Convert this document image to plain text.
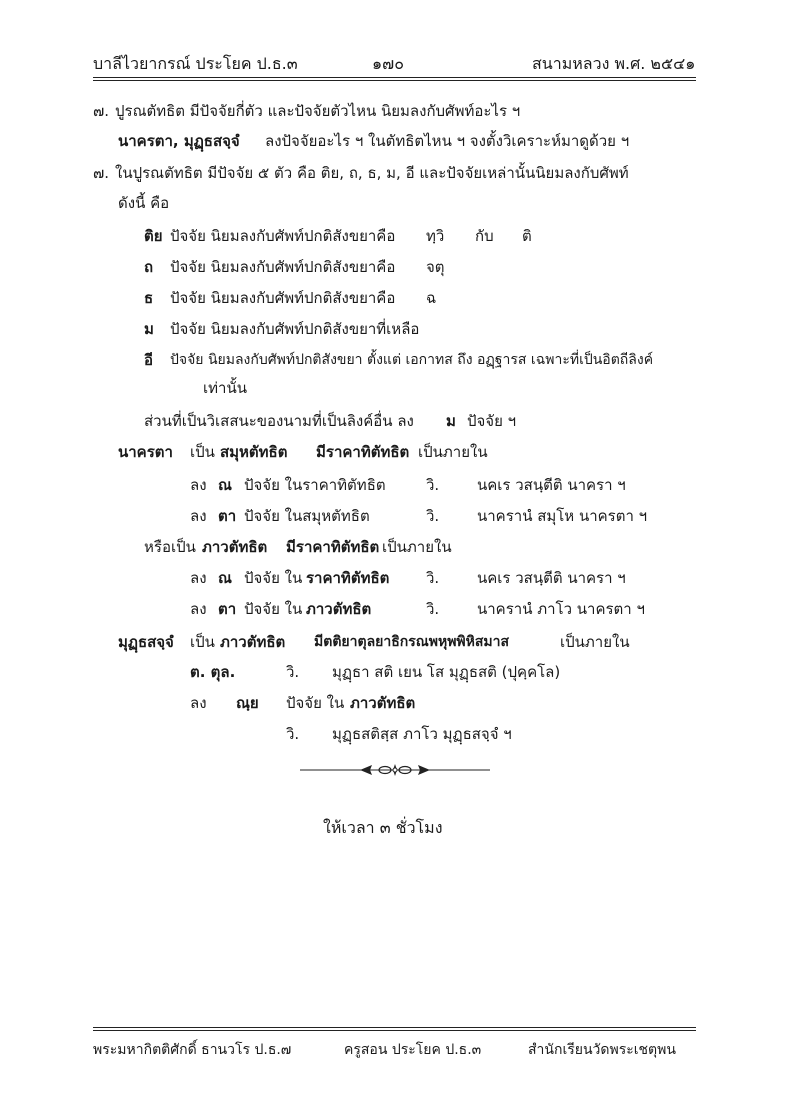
บาลีไวยากรณ์ ประโยค ป.ธ.๓	๑๗๐	สนามหลวง พ.ศ. ๒๕๔๑
๗. ปูรณตัทธิต มีปัจจัยกี่ตัว และปัจจัยตัวไหน นิยมลงกับศัพท์อะไร ฯ
นาครตา, มุฏฺธสจฺจํ ลงปัจจัยอะไร ฯ ในตัทธิตไหน ฯ จงตั้งวิเคราะห์มาดูด้วย ฯ
๗. ในปูรณตัทธิต มีปัจจัย ๕ ตัว คือ ติย, ถ, ธ, ม, อี และปัจจัยเหล่านั้นนิยมลงกับศัพท์
ดังนี้ คือ
ติย ปัจจัย นิยมลงกับศัพท์ปกติสังขยาคือ ทฺวิ กับ ติ
ถ ปัจจัย นิยมลงกับศัพท์ปกติสังขยาคือ จตุ
ธ ปัจจัย นิยมลงกับศัพท์ปกติสังขยาคือ ฉ
ม ปัจจัย นิยมลงกับศัพท์ปกติสังขยาที่เหลือ
อี ปัจจัย นิยมลงกับศัพท์ปกติสังขยา ตั้งแต่ เอกาทส ถึง อฏฺฐารส เฉพาะที่เป็นอิตถีลิงค์
เท่านั้น
ส่วนที่เป็นวิเสสนะของนามที่เป็นลิงค์อื่น ลง ม ปัจจัย ฯ
นาครตา เป็น สมุหตัทธิต มีราคาทิตัทธิต เป็นภายใน
ลง ณ ปัจจัย ในราคาทิตัทธิต	วิ.	นคเร วสนฺตีติ นาครา ฯ
ลง ตา ปัจจัย ในสมุหตัทธิต	วิ.	นาครานํ สมุโห นาครตา ฯ
หรือเป็น ภาวตัทธิต มีราคาทิตัทธิต เป็นภายใน
ลง ณ ปัจจัย ใน ราคาทิตัทธิต วิ.	นคเร วสนฺตีติ นาครา ฯ
ลง ตา ปัจจัย ใน ภาวตัทธิต	วิ.	นาครานํ ภาโว นาครตา ฯ
มุฏฺธสจฺจํ เป็น ภาวตัทธิต มีตติยาตุลยาธิกรณพหุพพิหิสมาส	เป็นภายใน
ต. ตุล.	วิ. มุฏฺธา สติ เยน โส มุฏฺธสติ (ปุคฺคโล)
ลง ณฺย ปัจจัย ใน ภาวตัทธิต
วิ. มุฏฺธสติสฺส ภาโว มุฏฺธสจฺจํ ฯ
ให้เวลา ๓ ชั่วโมง
พระมหากิตติศักดิ์ ธานวโร ป.ธ.๗	ครูสอน ประโยค ป.ธ.๓	สำนักเรียนวัดพระเชตุพน
